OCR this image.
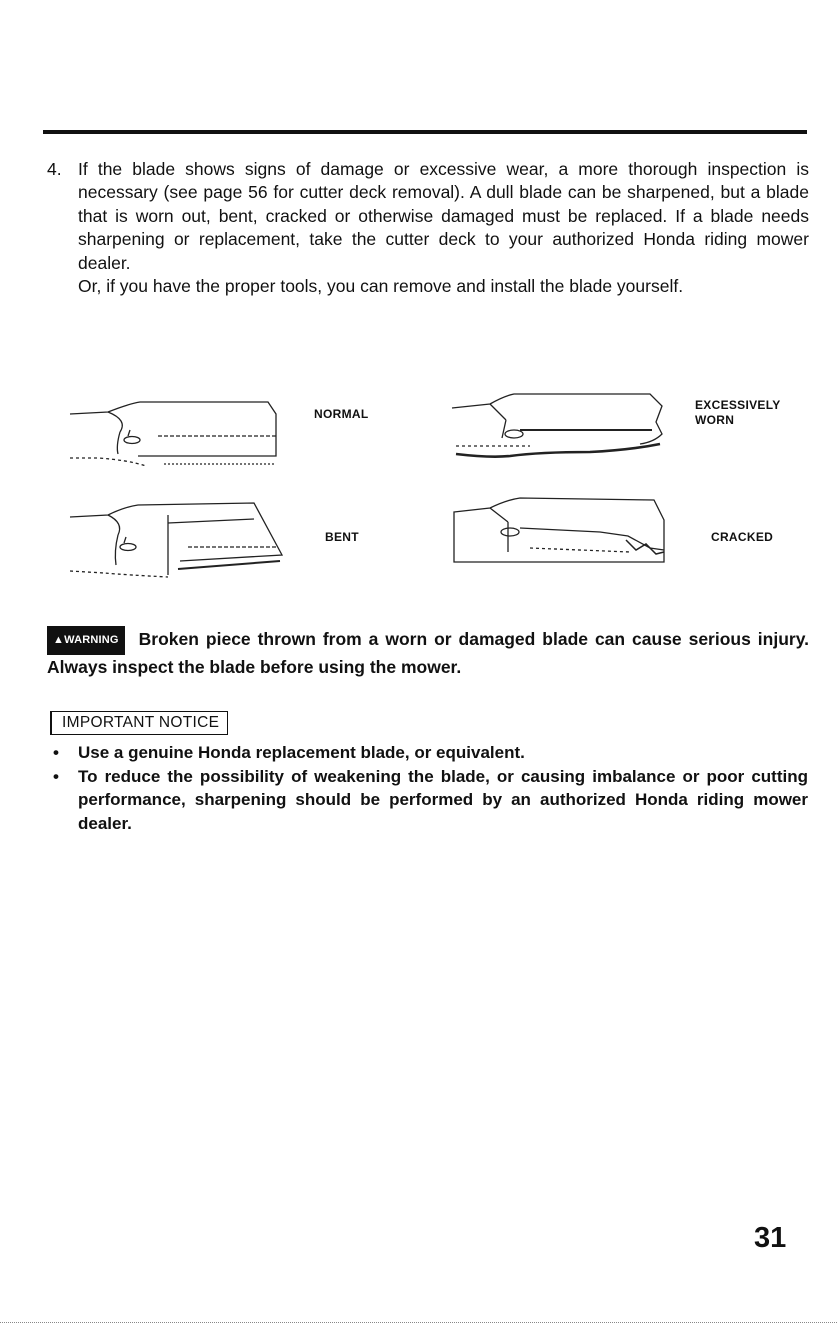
4. If the blade shows signs of damage or excessive wear, a more thorough inspection is necessary (see page 56 for cutter deck removal). A dull blade can be sharpened, but a blade that is worn out, bent, cracked or otherwise damaged must be replaced. If a blade needs sharpening or replacement, take the cutter deck to your authorized Honda riding mower dealer.

Or, if you have the proper tools, you can remove and install the blade yourself.

NORMAL
EXCESSIVELY WORN
BENT	CRACKED
▲WARNING Broken piece thrown from a worn or damaged blade can cause serious injury. Always inspect the blade before using the mower.
IMPORTANT NOTICE
• Use a genuine Honda replacement blade, or equivalent.
• To reduce the possibility of weakening the blade, or causing imbalance or poor cutting performance, sharpening should be performed by an authorized Honda riding mower dealer.
31
